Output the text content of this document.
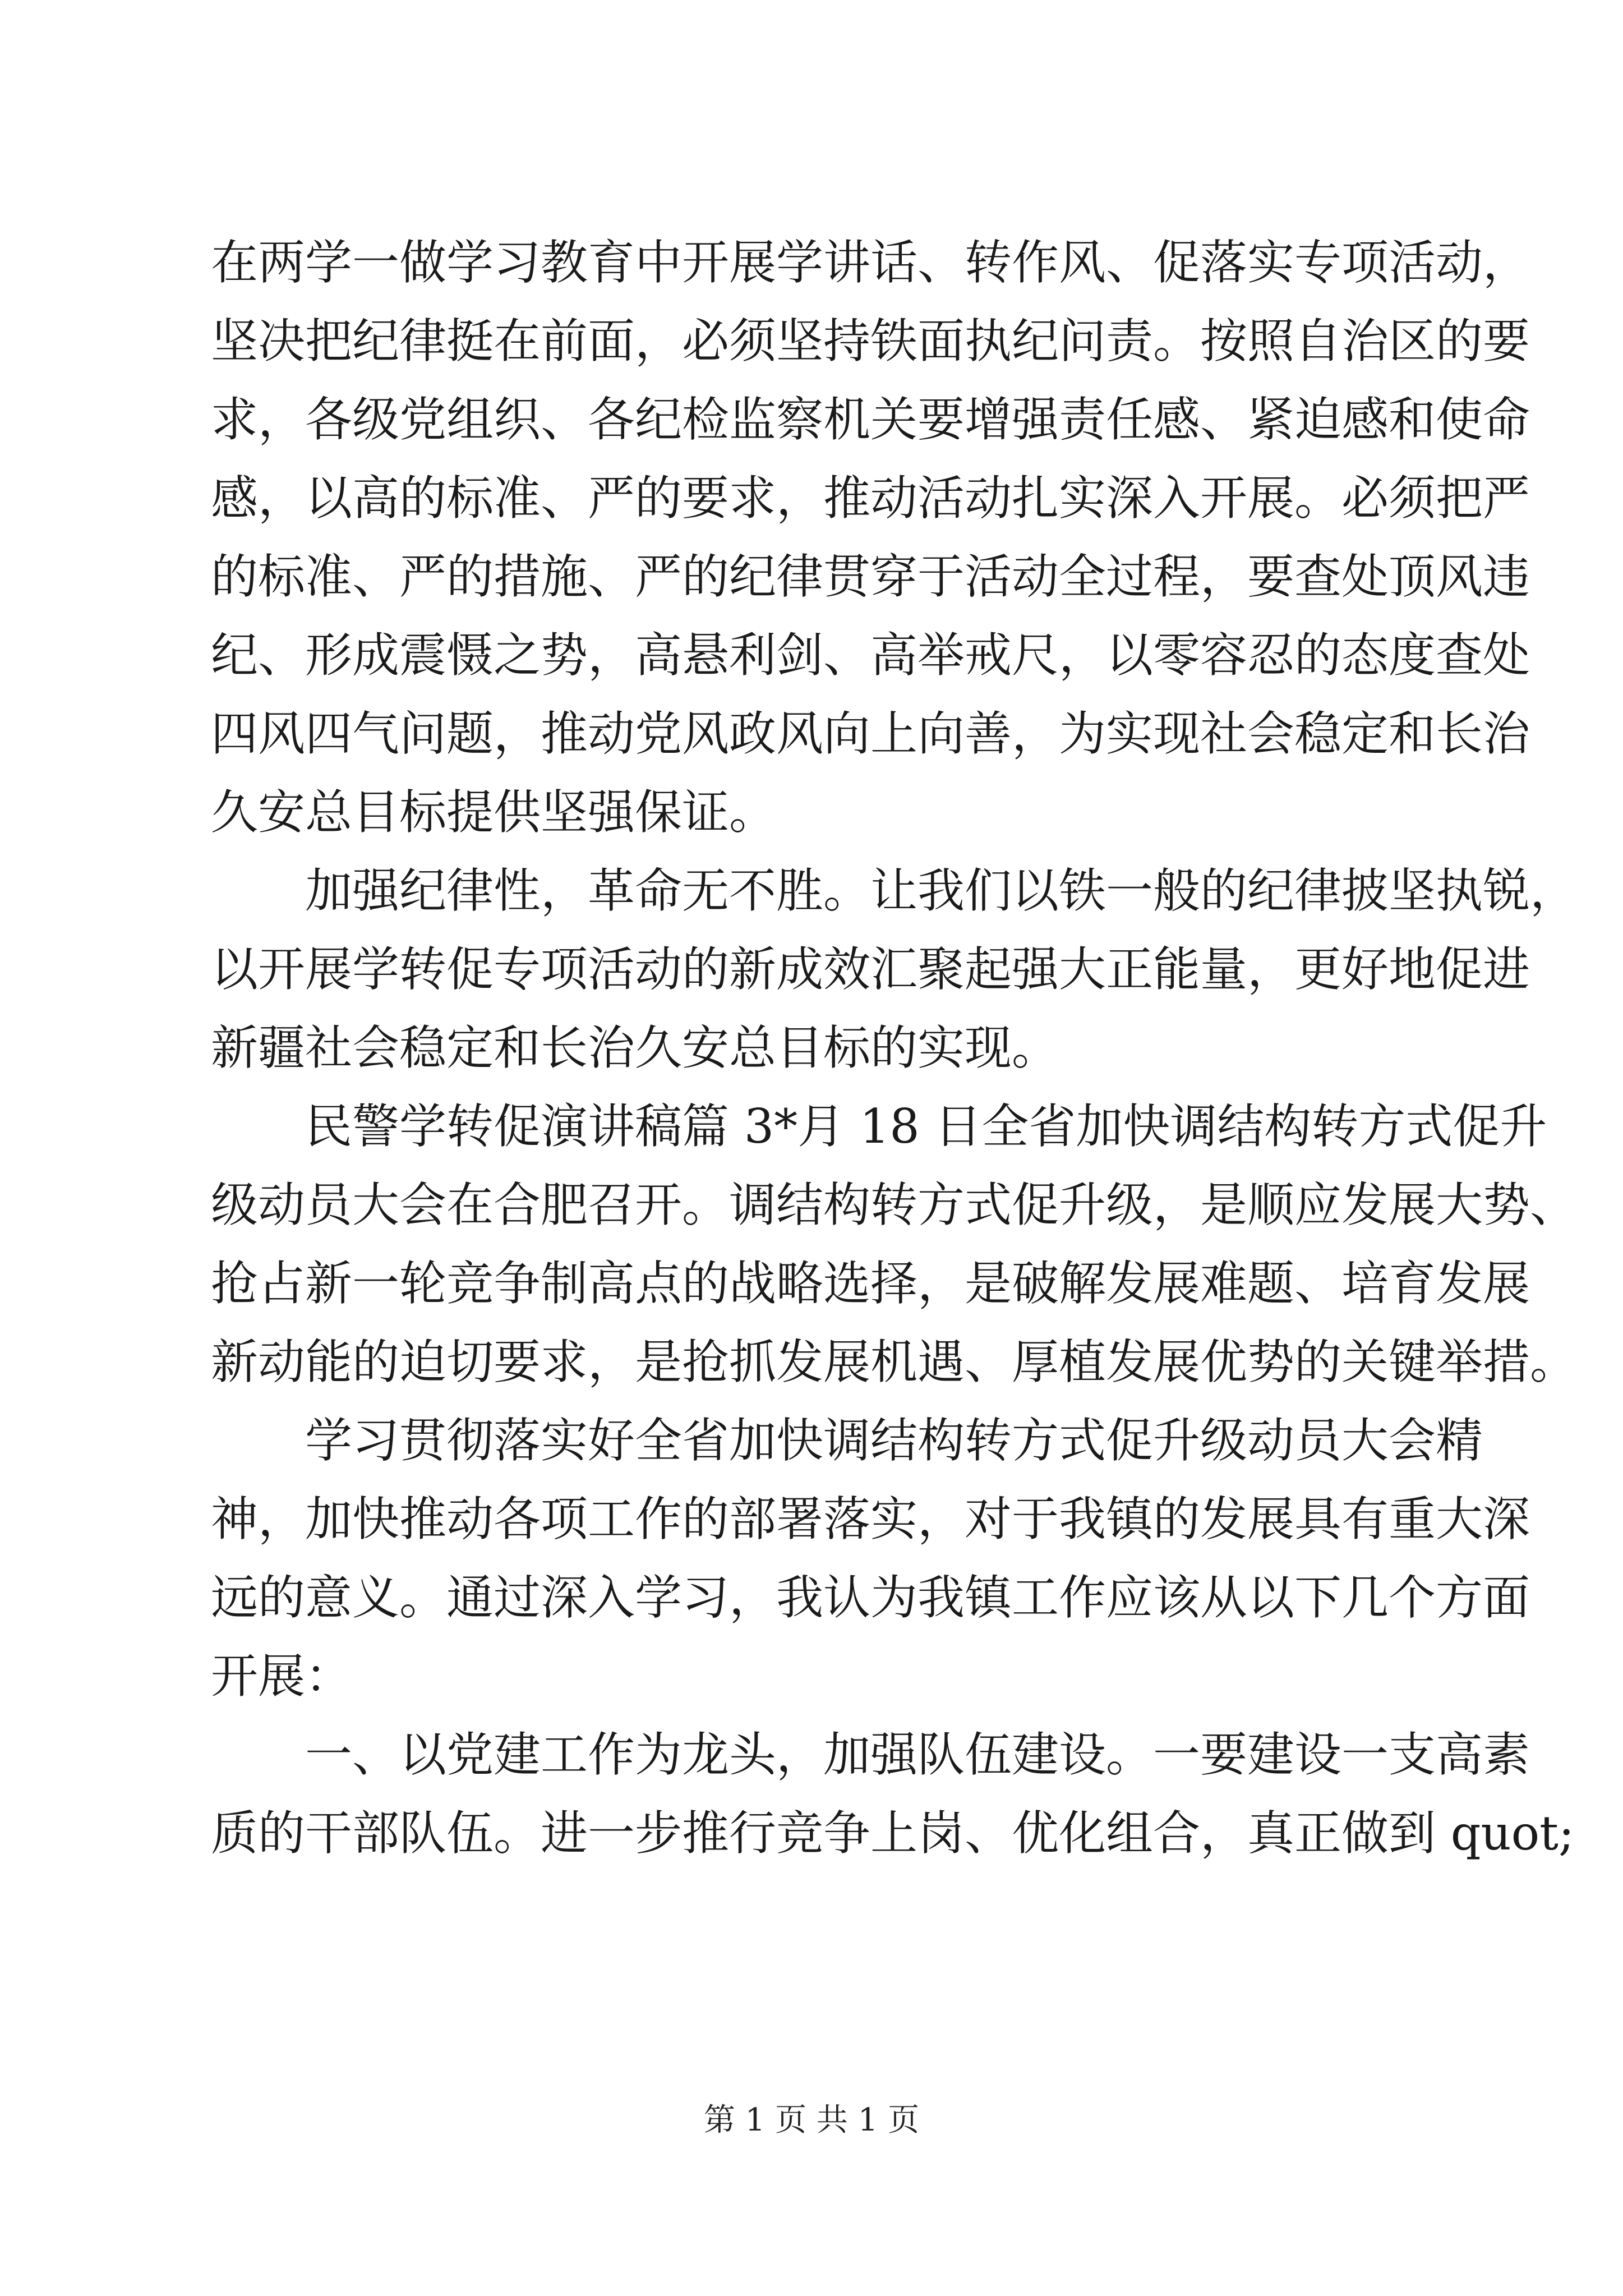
在两学一做学习教育中开展学讲话、转作风、促落实专项活动，
坚决把纪律挺在前面，必须坚持铁面执纪问责。按照自治区的要
求，各级党组织、各纪检监察机关要增强责任感、紧迫感和使命
感，以高的标准、严的要求，推动活动扎实深入开展。必须把严
的标准、严的措施、严的纪律贯穿于活动全过程，要查处顶风违
纪、形成震慑之势，高悬利剑、高举戒尺，以零容忍的态度查处
四风四气问题，推动党风政风向上向善，为实现社会稳定和长治
久安总目标提供坚强保证。
　　加强纪律性，革命无不胜。让我们以铁一般的纪律披坚执锐，
以开展学转促专项活动的新成效汇聚起强大正能量，更好地促进
新疆社会稳定和长治久安总目标的实现。
　　民警学转促演讲稿篇 3*月 18 日全省加快调结构转方式促升
级动员大会在合肥召开。调结构转方式促升级，是顺应发展大势、
抢占新一轮竞争制高点的战略选择，是破解发展难题、培育发展
新动能的迫切要求，是抢抓发展机遇、厚植发展优势的关键举措。
　　学习贯彻落实好全省加快调结构转方式促升级动员大会精
神，加快推动各项工作的部署落实，对于我镇的发展具有重大深
远的意义。通过深入学习，我认为我镇工作应该从以下几个方面
开展：
　　一、以党建工作为龙头，加强队伍建设。一要建设一支高素
质的干部队伍。进一步推行竞争上岗、优化组合，真正做到 quot;
第 1 页 共 1 页
